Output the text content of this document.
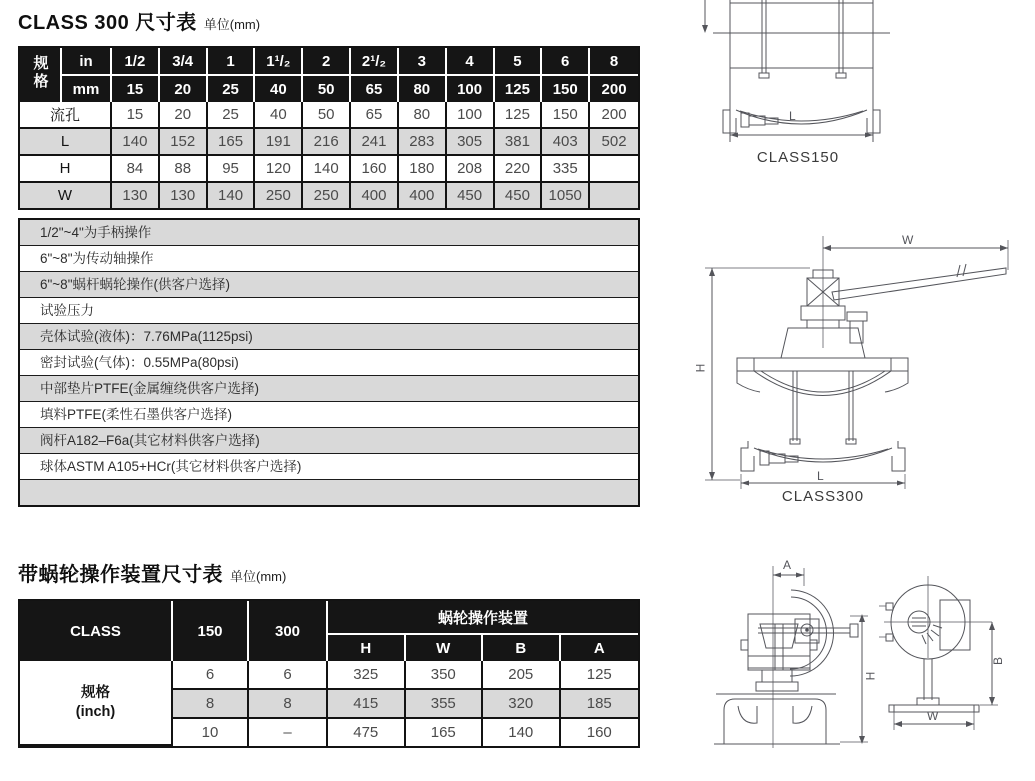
CLASS 300 尺寸表 单位(mm)
规格	in	1/2	3/4	1	1¹/₂	2	2¹/₂	3	4	5	6	8
	mm	15	20	25	40	50	65	80	100	125	150	200
流孔		15	20	25	40	50	65	80	100	125	150	200
L		140	152	165	191	216	241	283	305	381	403	502
H		84	88	95	120	140	160	180	208	220	335	
W		130	130	140	250	250	400	400	450	450	1050	
1/2"~4"为手柄操作
6"~8"为传动轴操作
6"~8"蜗杆蜗轮操作(供客户选择)
试验压力
壳体试验(液体)：7.76MPa(1125psi)
密封试验(气体)：0.55MPa(80psi)
中部垫片PTFE(金属缠绕供客户选择)
填料PTFE(柔性石墨供客户选择)
阀杆A182–F6a(其它材料供客户选择)
球体ASTM A105+HCr(其它材料供客户选择)
带蜗轮操作装置尺寸表 单位(mm)
CLASS	150	300	蜗轮操作装置			
			H	W	B	A

规格
(inch)	6	6	325	350	205	125
	8	8	415	355	320	185
	10	–	475	165	140	160
L
CLASS150
W
H
L
CLASS300
A
H
B
W
